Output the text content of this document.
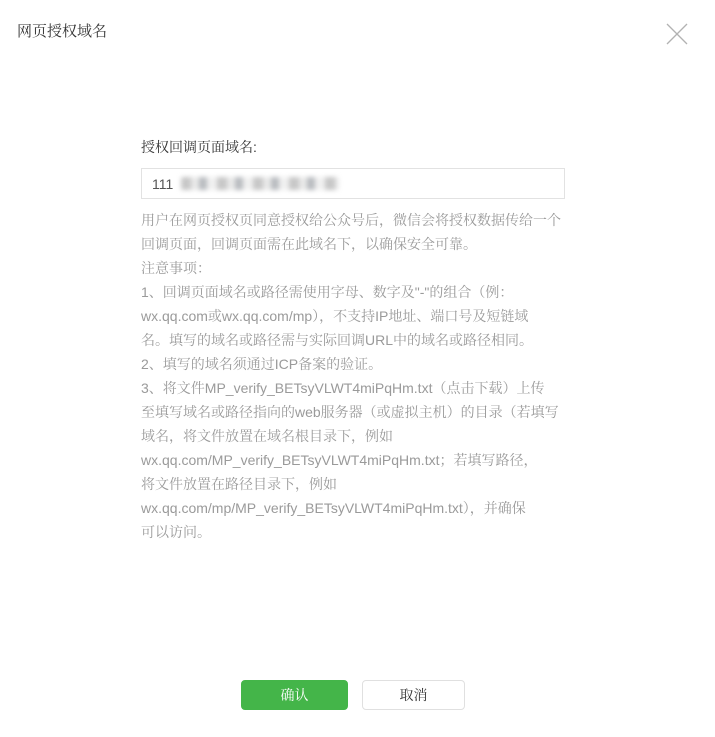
网页授权域名
授权回调页面域名:
111
用户在网页授权页同意授权给公众号后，微信会将授权数据传给一个
回调页面，回调页面需在此域名下，以确保安全可靠。
注意事项：
1、回调页面域名或路径需使用字母、数字及"-"的组合（例：
wx.qq.com或wx.qq.com/mp），不支持IP地址、端口号及短链域
名。填写的域名或路径需与实际回调URL中的域名或路径相同。
2、填写的域名须通过ICP备案的验证。
3、将文件MP_verify_BETsyVLWT4miPqHm.txt（点击下载）上传
至填写域名或路径指向的web服务器（或虚拟主机）的目录（若填写
域名，将文件放置在域名根目录下，例如
wx.qq.com/MP_verify_BETsyVLWT4miPqHm.txt；若填写路径，
将文件放置在路径目录下，例如
wx.qq.com/mp/MP_verify_BETsyVLWT4miPqHm.txt），并确保
可以访问。
确认	取消
